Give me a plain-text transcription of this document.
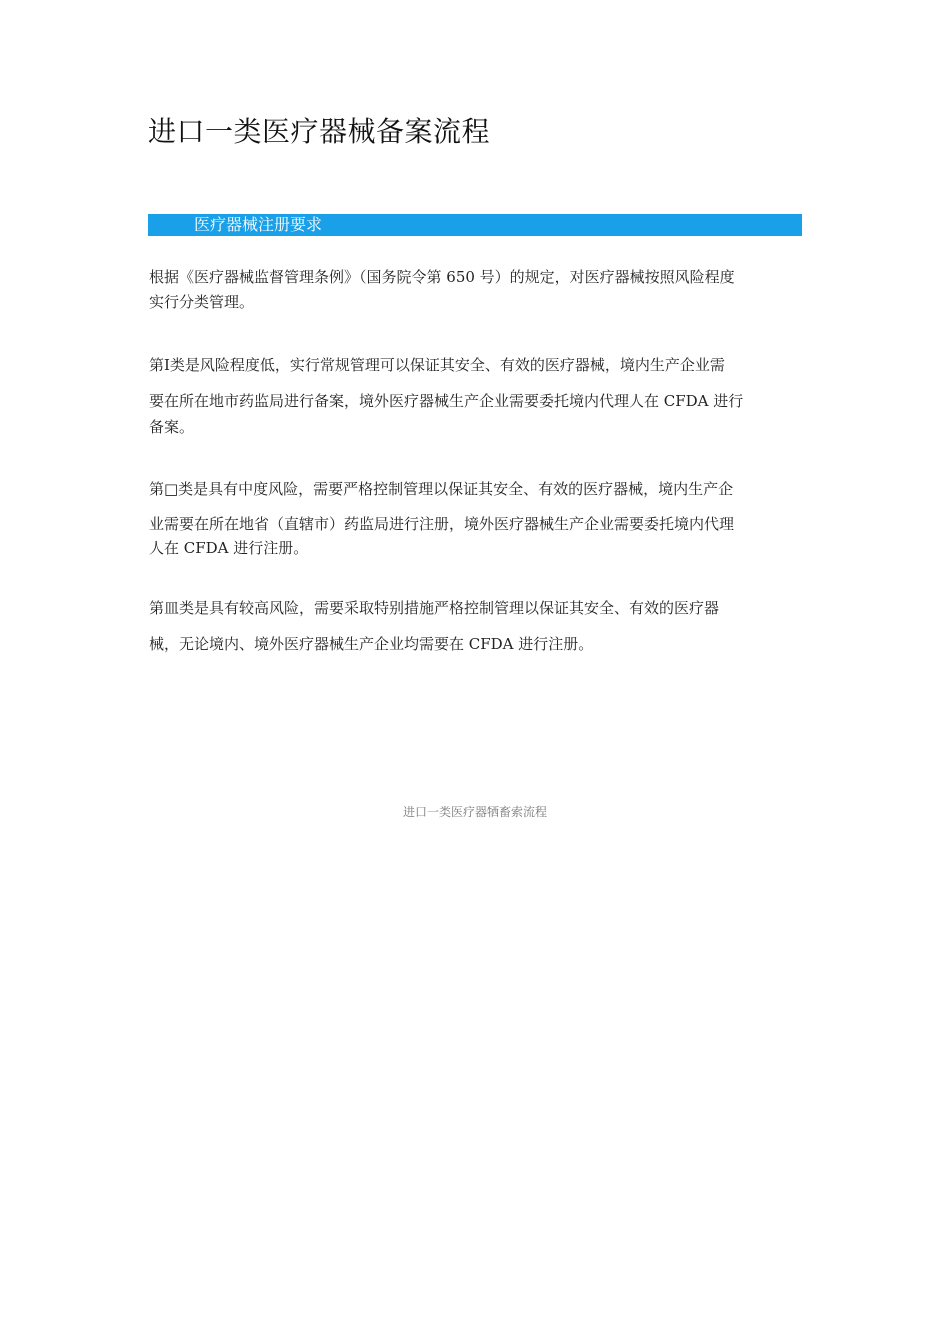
进口一类医疗器械备案流程
医疗器械注册要求
根据《医疗器械监督管理条例》（国务院令第 650 号）的规定，对医疗器械按照风险程度
实行分类管理。
第Ⅰ类是风险程度低，实行常规管理可以保证其安全、有效的医疗器械，境内生产企业需
要在所在地市药监局进行备案，境外医疗器械生产企业需要委托境内代理人在 CFDA 进行
备案。
第□类是具有中度风险，需要严格控制管理以保证其安全、有效的医疗器械，境内生产企
业需要在所在地省（直辖市）药监局进行注册，境外医疗器械生产企业需要委托境内代理
人在 CFDA 进行注册。
第皿类是具有较高风险，需要采取特别措施严格控制管理以保证其安全、有效的医疗器
械，无论境内、境外医疗器械生产企业均需要在 CFDA 进行注册。
进口一类医疗器牺畜索流程
